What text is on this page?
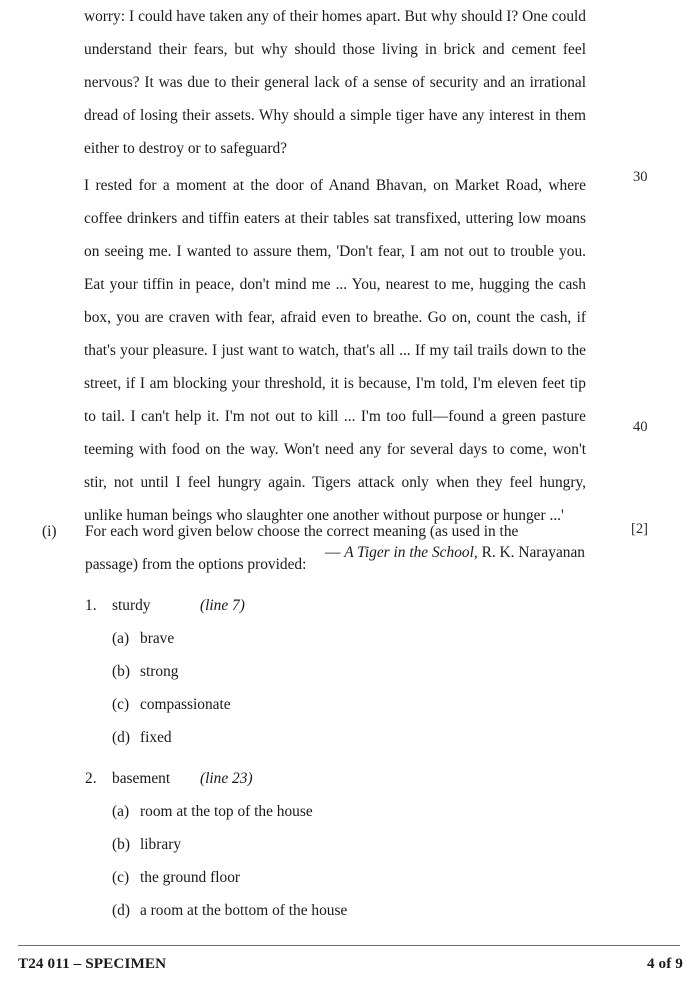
worry: I could have taken any of their homes apart. But why should I? One could understand their fears, but why should those living in brick and cement feel nervous? It was due to their general lack of a sense of security and an irrational dread of losing their assets. Why should a simple tiger have any interest in them either to destroy or to safeguard?

I rested for a moment at the door of Anand Bhavan, on Market Road, where coffee drinkers and tiffin eaters at their tables sat transfixed, uttering low moans on seeing me. I wanted to assure them, 'Don't fear, I am not out to trouble you. Eat your tiffin in peace, don't mind me ... You, nearest to me, hugging the cash box, you are craven with fear, afraid even to breathe. Go on, count the cash, if that's your pleasure. I just want to watch, that's all ... If my tail trails down to the street, if I am blocking your threshold, it is because, I'm told, I'm eleven feet tip to tail. I can't help it. I'm not out to kill ... I'm too full—found a green pasture teeming with food on the way. Won't need any for several days to come, won't stir, not until I feel hungry again. Tigers attack only when they feel hungry, unlike human beings who slaughter one another without purpose or hunger ...'

— A Tiger in the School, R. K. Narayanan

30
40
[2]
(i) For each word given below choose the correct meaning (as used in the
passage) from the options provided:
1. sturdy	(line 7)
(a) brave
(b) strong
(c) compassionate
(d) fixed
2. basement (line 23)
(a) room at the top of the house
(b) library
(c) the ground floor
(d) a room at the bottom of the house
T24 011 – SPECIMEN	4 of 9
